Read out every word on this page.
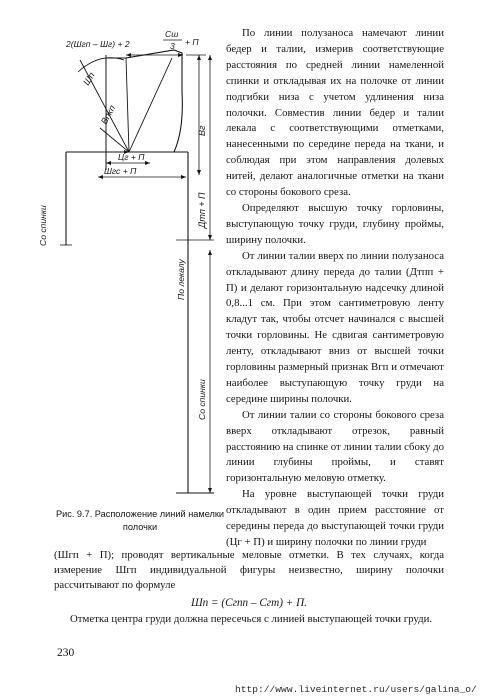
2(Шгп – Шг) + 2
Сш
3 + П
Шп
Впкп
Цг + П
Шгс + П
Со спинки
Вг
Дтп + П
По лекалу
Со спинки
Рис. 9.7. Расположение линий намелки полочки

По линии полузаноса намечают линии бедер и талии, измерив соответствующие расстояния по средней линии намеленной спинки и откладывая их на полочке от линии подгибки низа с учетом удлинения низа полочки. Совместив линии бедер и талии лекала с соответствующими отметками, нанесенными по середине переда на ткани, и соблюдая при этом направления долевых нитей, делают аналогичные отметки на ткани со стороны бокового среза.

Определяют высшую точку горловины, выступающую точку груди, глубину проймы, ширину полочки.

От линии талии вверх по линии полузаноса откладывают длину переда до талии (Дтпп + П) и делают горизонтальную надсечку длиной 0,8...1 см. При этом сантиметровую ленту кладут так, чтобы отсчет начинался с высшей точки горловины. Не сдвигая сантиметровую ленту, откладывают вниз от высшей точки горловины размерный признак Вгп и отмечают наиболее выступающую точку груди на середине ширины полочки.

От линии талии со стороны бокового среза вверх откладывают отрезок, равный расстоянию на спинке от линии талии сбоку до линии глубины проймы, и ставят горизонтальную меловую отметку.

На уровне выступающей точки груди откладывают в один прием расстояние от середины переда до выступающей точки груди (Цг + П) и ширину полочки по линии груди

(Шгп + П); проводят вертикальные меловые отметки. В тех случаях, когда измерение Шгп индивидуальной фигуры неизвестно, ширину полочки рассчитывают по формуле
Шп = (Сгпп – Сгт) + П.
Отметка центра груди должна пересечься с линией выступающей точки груди.
230
http://www.liveinternet.ru/users/galina_o/
